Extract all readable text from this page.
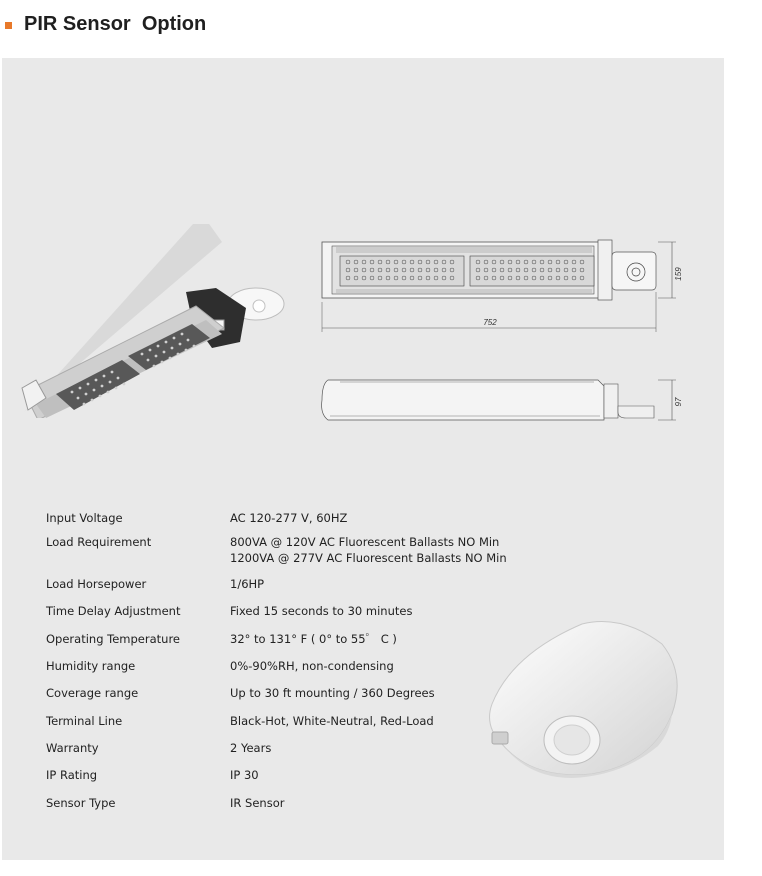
PIR Sensor  Option
752
159
97
Input Voltage	AC 120-277 V, 60HZ
Load Requirement	800VA @ 120V AC Fluorescent Ballasts NO Min
1200VA @ 277V AC Fluorescent Ballasts NO Min
Load Horsepower	1/6HP
Time Delay Adjustment	Fixed 15 seconds to 30 minutes
Operating Temperature	32° to 131° F ( 0° to 55゜ C )
Humidity range	0%-90%RH, non-condensing
Coverage range	Up to 30 ft mounting / 360 Degrees
Terminal Line	Black-Hot, White-Neutral, Red-Load
Warranty	2 Years
IP Rating	IP 30
Sensor Type	IR Sensor
